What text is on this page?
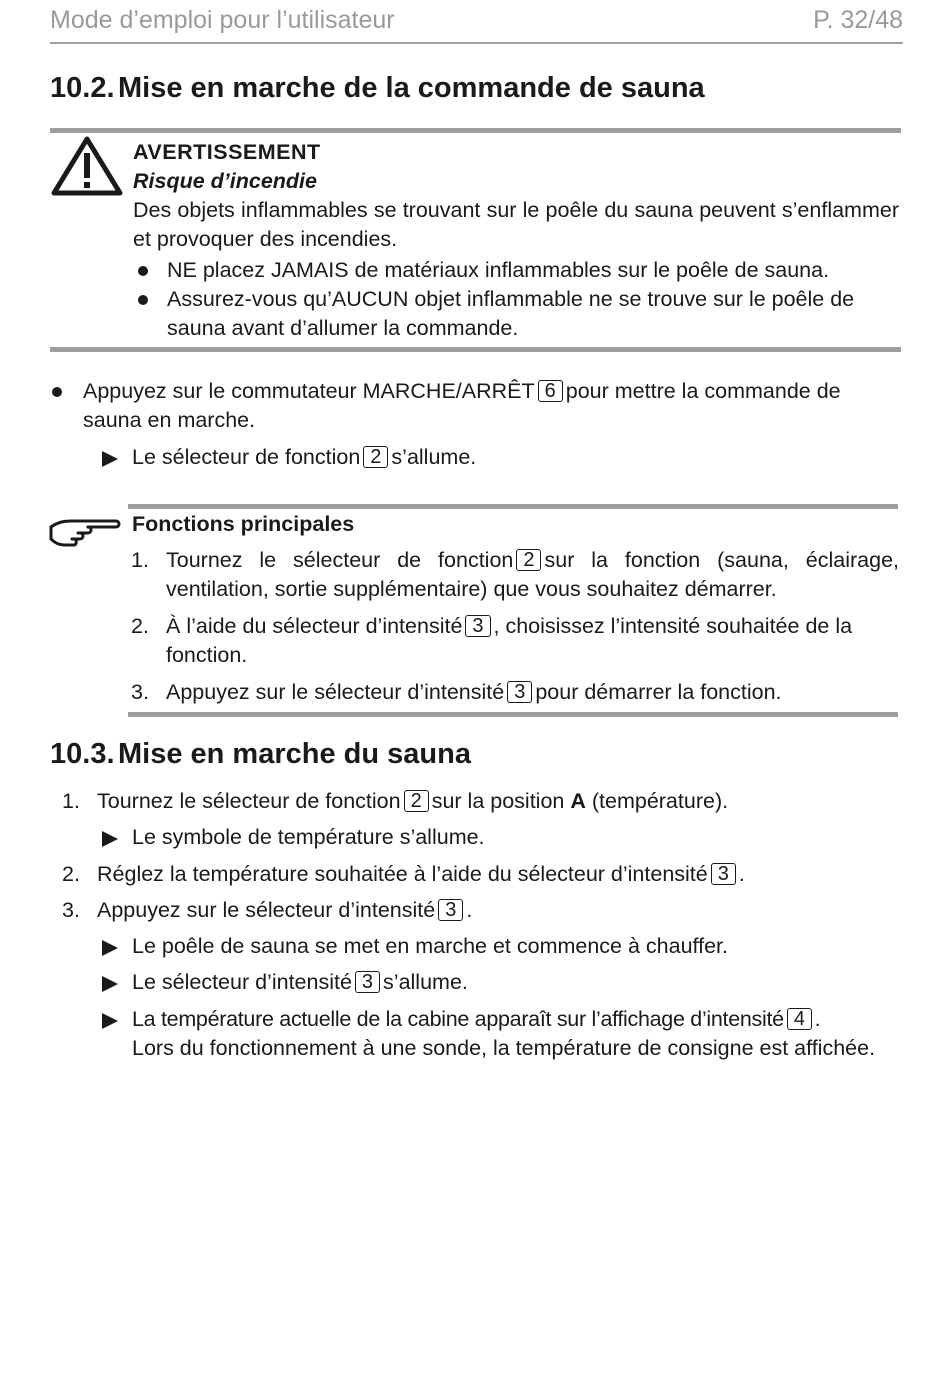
Mode d’emploi pour l’utilisateur	P. 32/48
10.2. Mise en marche de la commande de sauna
AVERTISSEMENT
Risque d’incendie
Des objets inflammables se trouvant sur le poêle du sauna peuvent s’enflammer et provoquer des incendies.
NE placez JAMAIS de matériaux inflammables sur le poêle de sauna.
Assurez-vous qu’AUCUN objet inflammable ne se trouve sur le poêle de sauna avant d’allumer la commande.
Appuyez sur le commutateur MARCHE/ARRÊT 6 pour mettre la commande de sauna en marche.
Le sélecteur de fonction 2 s’allume.
Fonctions principales
1. Tournez le sélecteur de fonction 2 sur la fonction (sauna, éclairage, ventilation, sortie supplémentaire) que vous souhaitez démarrer.
2. À l’aide du sélecteur d’intensité 3 , choisissez l’intensité souhaitée de la fonction.
3. Appuyez sur le sélecteur d’intensité 3 pour démarrer la fonction.
10.3. Mise en marche du sauna
1. Tournez le sélecteur de fonction 2 sur la position A (température).
Le symbole de température s’allume.
2. Réglez la température souhaitée à l’aide du sélecteur d’intensité 3 .
3. Appuyez sur le sélecteur d’intensité 3 .
Le poêle de sauna se met en marche et commence à chauffer.
Le sélecteur d’intensité 3 s’allume.
La température actuelle de la cabine apparaît sur l’affichage d’intensité 4 .
Lors du fonctionnement à une sonde, la température de consigne est affichée.
